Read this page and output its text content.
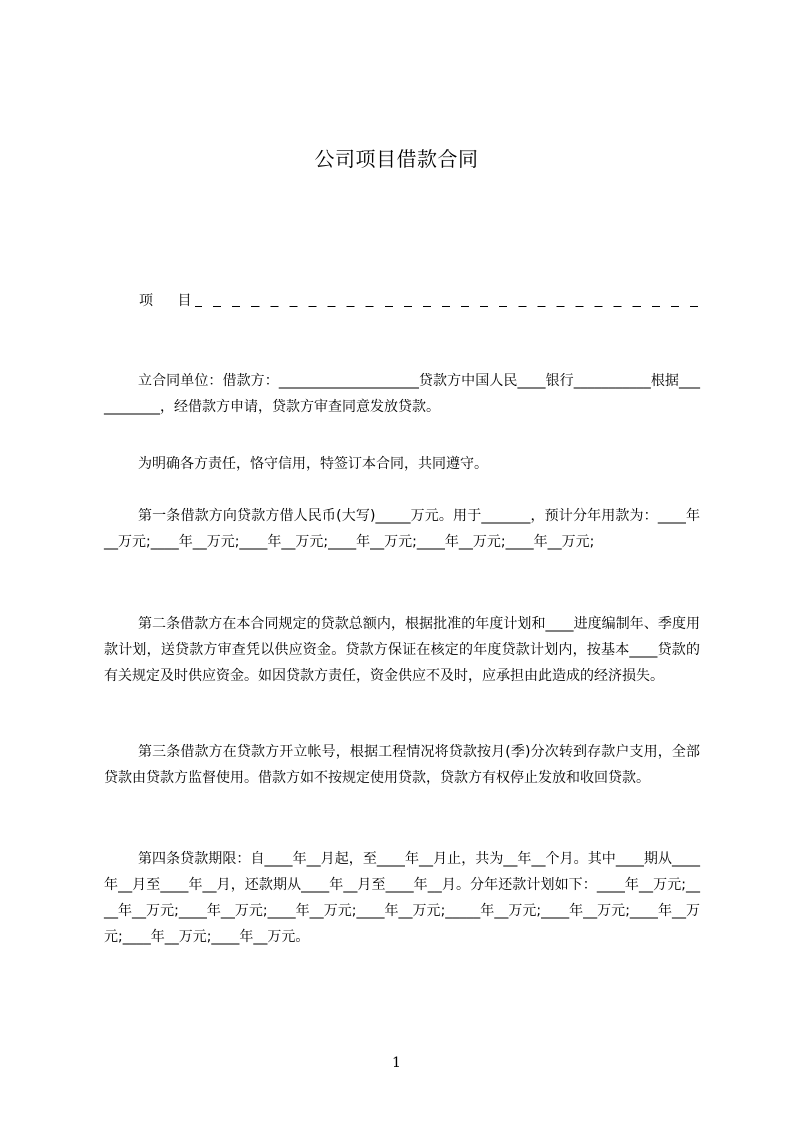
公司项目借款合同
项 目
立合同单位：借款方：____________________贷款方中国人民____银行___________根据___________，经借款方申请，贷款方审查同意发放贷款。
为明确各方责任，恪守信用，特签订本合同，共同遵守。
第一条借款方向贷款方借人民币(大写)_____万元。用于_______，预计分年用款为：____年__万元;____年__万元;____年__万元;____年__万元;____年__万元;____年__万元;
第二条借款方在本合同规定的贷款总额内，根据批准的年度计划和____进度编制年、季度用款计划，送贷款方审查凭以供应资金。贷款方保证在核定的年度贷款计划内，按基本____贷款的有关规定及时供应资金。如因贷款方责任，资金供应不及时，应承担由此造成的经济损失。
第三条借款方在贷款方开立帐号，根据工程情况将贷款按月(季)分次转到存款户支用，全部贷款由贷款方监督使用。借款方如不按规定使用贷款，贷款方有权停止发放和收回贷款。
第四条贷款期限：自____年__月起，至____年__月止，共为__年__个月。其中____期从____年__月至____年__月，还款期从____年__月至____年__月。分年还款计划如下：____年__万元;____年__万元;____年__万元;____年__万元;____年__万元;_____年__万元;____年__万元;____年__万元;____年__万元;____年__万元。
1
